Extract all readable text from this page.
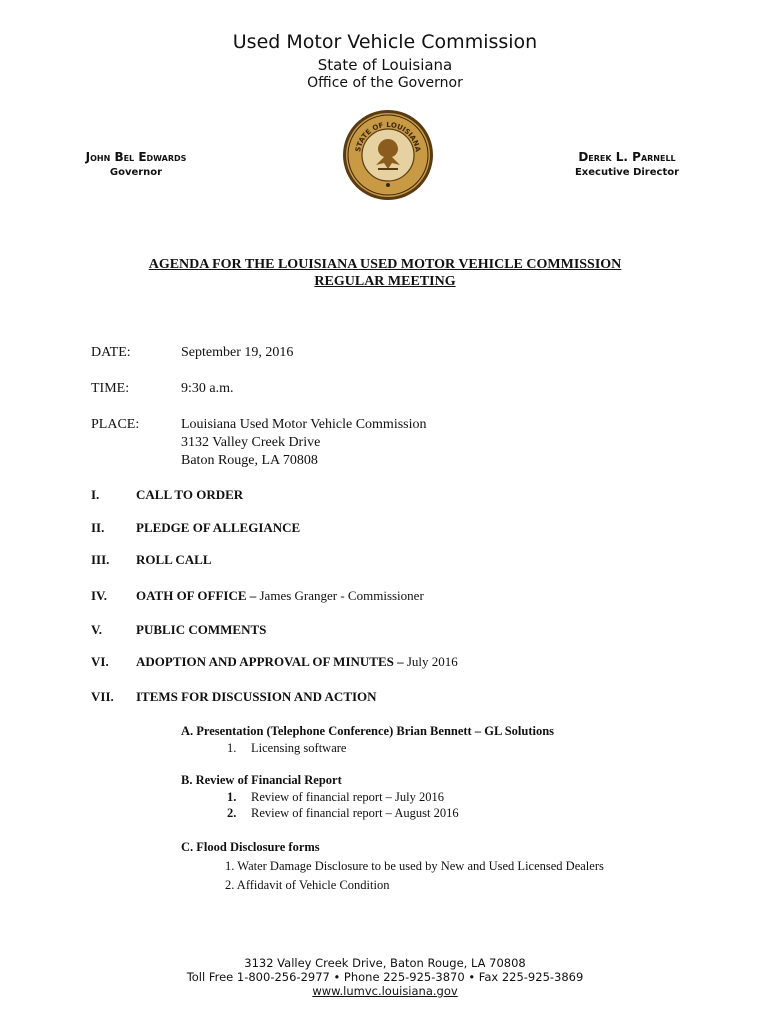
Used Motor Vehicle Commission
State of Louisiana
Office of the Governor
John Bel Edwards
Governor
Derek L. Parnell
Executive Director
STATE OF LOUISIANA
AGENDA FOR THE LOUISIANA USED MOTOR VEHICLE COMMISSION
REGULAR MEETING
DATE:	September 19, 2016
TIME:	9:30 a.m.
PLACE:	Louisiana Used Motor Vehicle Commission
3132 Valley Creek Drive
Baton Rouge, LA 70808
I.	CALL TO ORDER
II. PLEDGE OF ALLEGIANCE
III. ROLL CALL
IV. OATH OF OFFICE – James Granger - Commissioner
V.	PUBLIC COMMENTS
VI. ADOPTION AND APPROVAL OF MINUTES – July 2016
VII. ITEMS FOR DISCUSSION AND ACTION
A. Presentation (Telephone Conference) Brian Bennett – GL Solutions
1. Licensing software
B. Review of Financial Report
1. Review of financial report – July 2016
2. Review of financial report – August 2016
C. Flood Disclosure forms
1. Water Damage Disclosure to be used by New and Used Licensed Dealers
2. Affidavit of Vehicle Condition
3132 Valley Creek Drive, Baton Rouge, LA 70808
Toll Free 1-800-256-2977 • Phone 225-925-3870 • Fax 225-925-3869
www.lumvc.louisiana.gov
